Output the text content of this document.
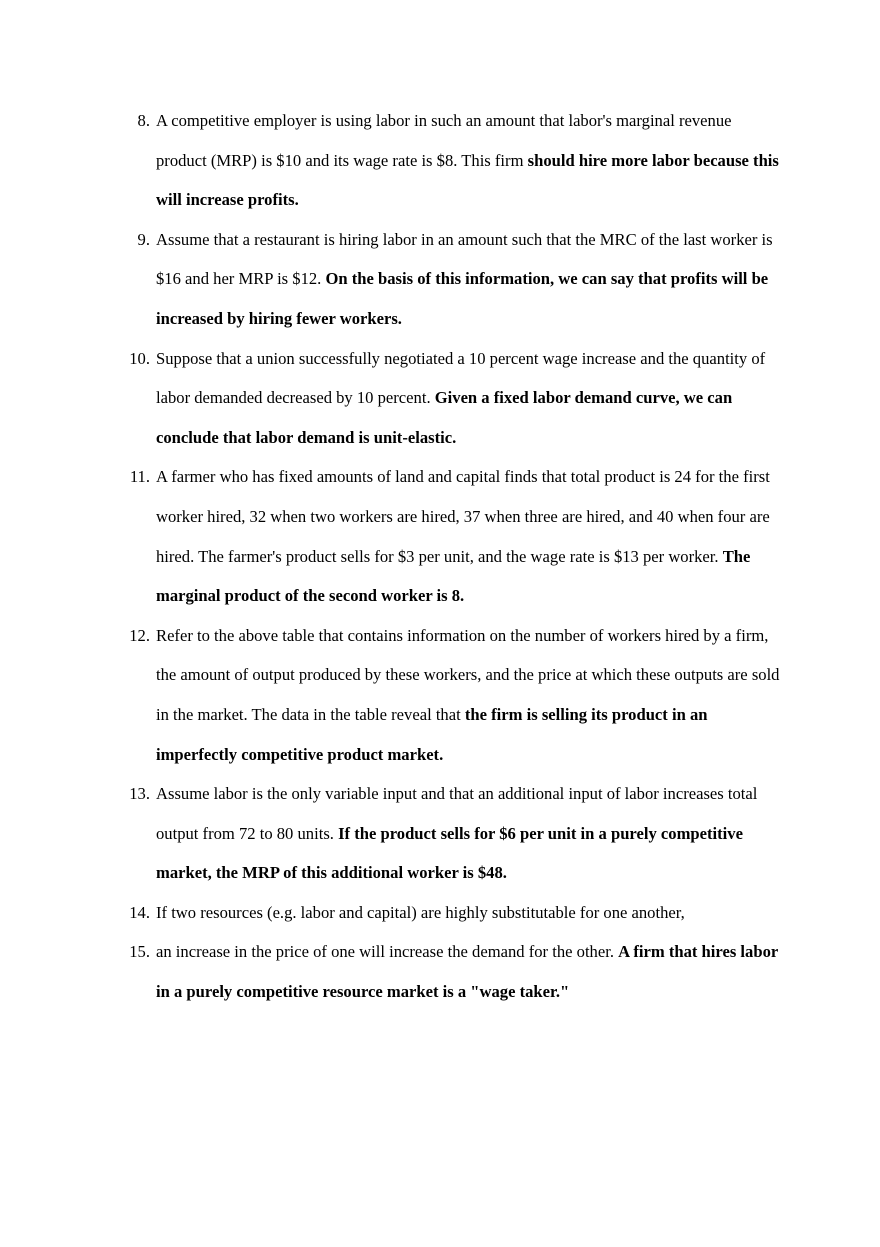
8. A competitive employer is using labor in such an amount that labor's marginal revenue product (MRP) is $10 and its wage rate is $8. This firm should hire more labor because this will increase profits.
9. Assume that a restaurant is hiring labor in an amount such that the MRC of the last worker is $16 and her MRP is $12. On the basis of this information, we can say that profits will be increased by hiring fewer workers.
10. Suppose that a union successfully negotiated a 10 percent wage increase and the quantity of labor demanded decreased by 10 percent. Given a fixed labor demand curve, we can conclude that labor demand is unit-elastic.
11. A farmer who has fixed amounts of land and capital finds that total product is 24 for the first worker hired, 32 when two workers are hired, 37 when three are hired, and 40 when four are hired. The farmer's product sells for $3 per unit, and the wage rate is $13 per worker. The marginal product of the second worker is 8.
12. Refer to the above table that contains information on the number of workers hired by a firm, the amount of output produced by these workers, and the price at which these outputs are sold in the market. The data in the table reveal that the firm is selling its product in an imperfectly competitive product market.
13. Assume labor is the only variable input and that an additional input of labor increases total output from 72 to 80 units. If the product sells for $6 per unit in a purely competitive market, the MRP of this additional worker is $48.
14. If two resources (e.g. labor and capital) are highly substitutable for one another,
15. an increase in the price of one will increase the demand for the other. A firm that hires labor in a purely competitive resource market is a "wage taker."
